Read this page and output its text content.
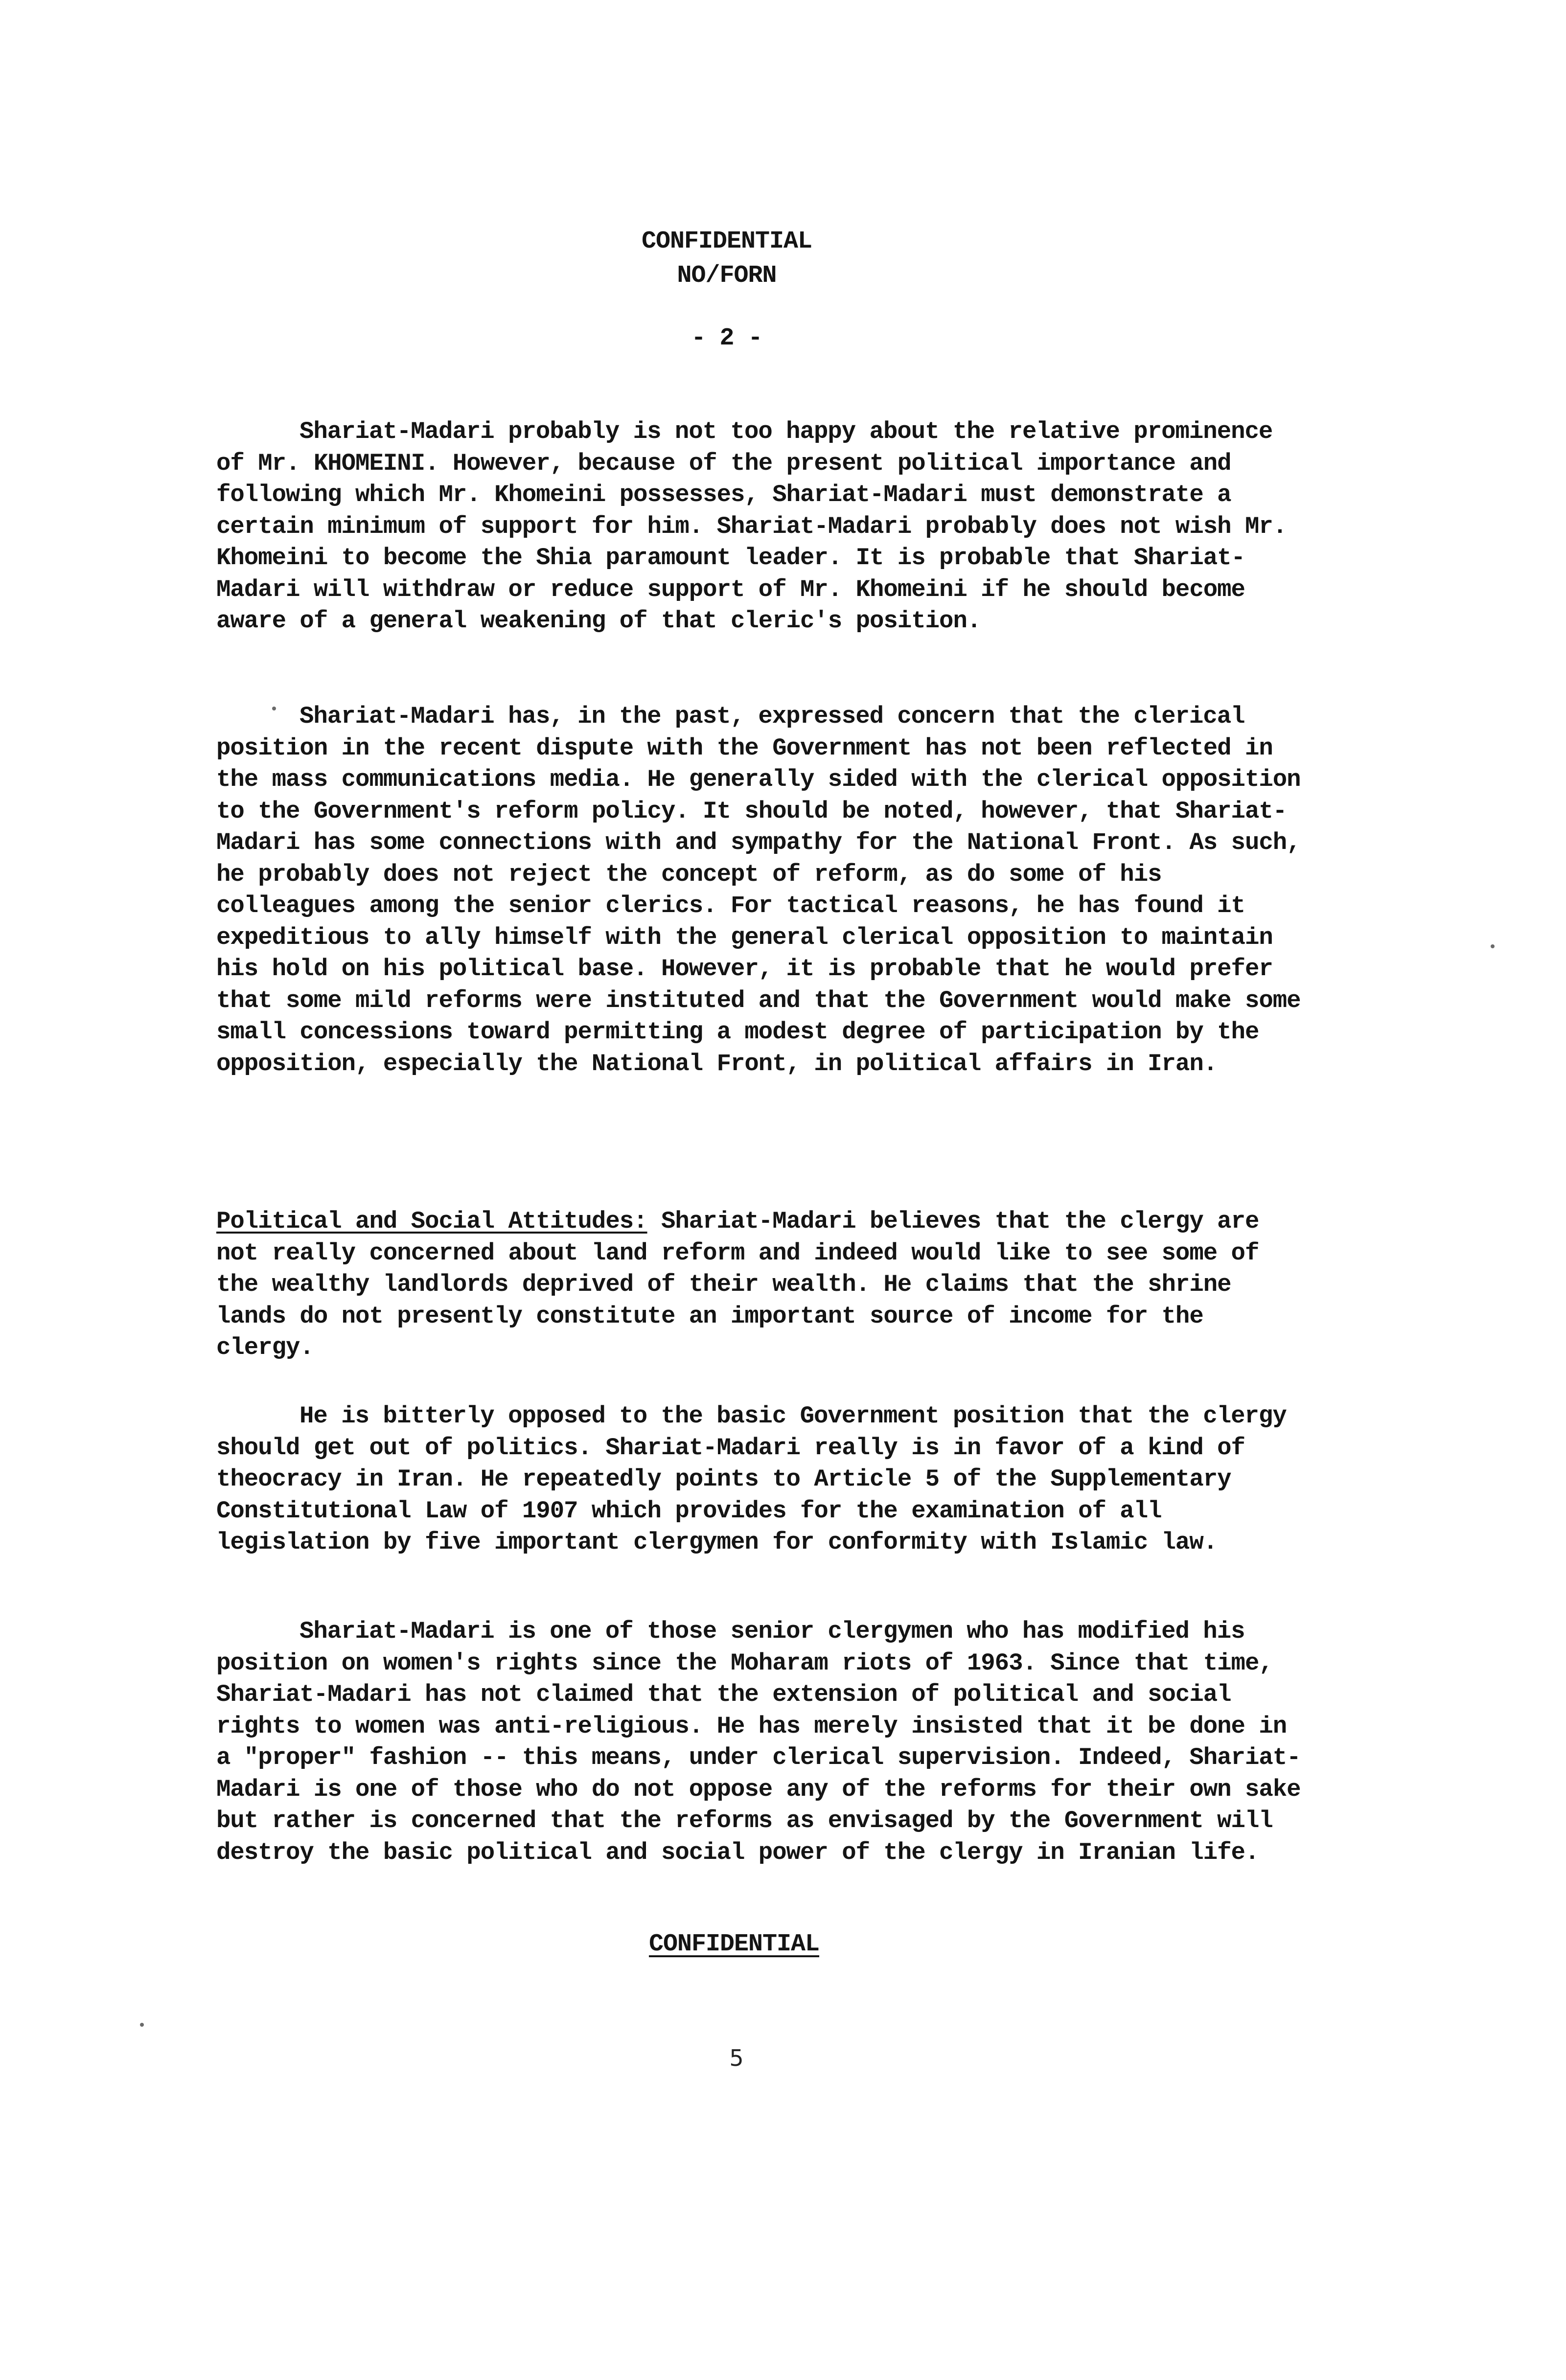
CONFIDENTIAL
NO/FORN
- 2 -

Shariat-Madari probably is not too happy about the relative prominence of Mr. KHOMEINI. However, because of the present political importance and following which Mr. Khomeini possesses, Shariat-Madari must demonstrate a certain minimum of support for him. Shariat-Madari probably does not wish Mr. Khomeini to become the Shia paramount leader. It is probable that Shariat-Madari will withdraw or reduce support of Mr. Khomeini if he should become aware of a general weakening of that cleric's position.

Shariat-Madari has, in the past, expressed concern that the clerical position in the recent dispute with the Government has not been reflected in the mass communications media. He generally sided with the clerical opposition to the Government's reform policy. It should be noted, however, that Shariat-Madari has some connections with and sympathy for the National Front. As such, he probably does not reject the concept of reform, as do some of his colleagues among the senior clerics. For tactical reasons, he has found it expeditious to ally himself with the general clerical opposition to maintain his hold on his political base. However, it is probable that he would prefer that some mild reforms were instituted and that the Government would make some small concessions toward permitting a modest degree of participation by the opposition, especially the National Front, in political affairs in Iran.

Political and Social Attitudes: Shariat-Madari believes that the clergy are not really concerned about land reform and indeed would like to see some of the wealthy landlords deprived of their wealth. He claims that the shrine lands do not presently constitute an important source of income for the clergy.

He is bitterly opposed to the basic Government position that the clergy should get out of politics. Shariat-Madari really is in favor of a kind of theocracy in Iran. He repeatedly points to Article 5 of the Supplementary Constitutional Law of 1907 which provides for the examination of all legislation by five important clergymen for conformity with Islamic law.

Shariat-Madari is one of those senior clergymen who has modified his position on women's rights since the Moharam riots of 1963. Since that time, Shariat-Madari has not claimed that the extension of political and social rights to women was anti-religious. He has merely insisted that it be done in a "proper" fashion -- this means, under clerical supervision. Indeed, Shariat-Madari is one of those who do not oppose any of the reforms for their own sake but rather is concerned that the reforms as envisaged by the Government will destroy the basic political and social power of the clergy in Iranian life.

CONFIDENTIAL
5
